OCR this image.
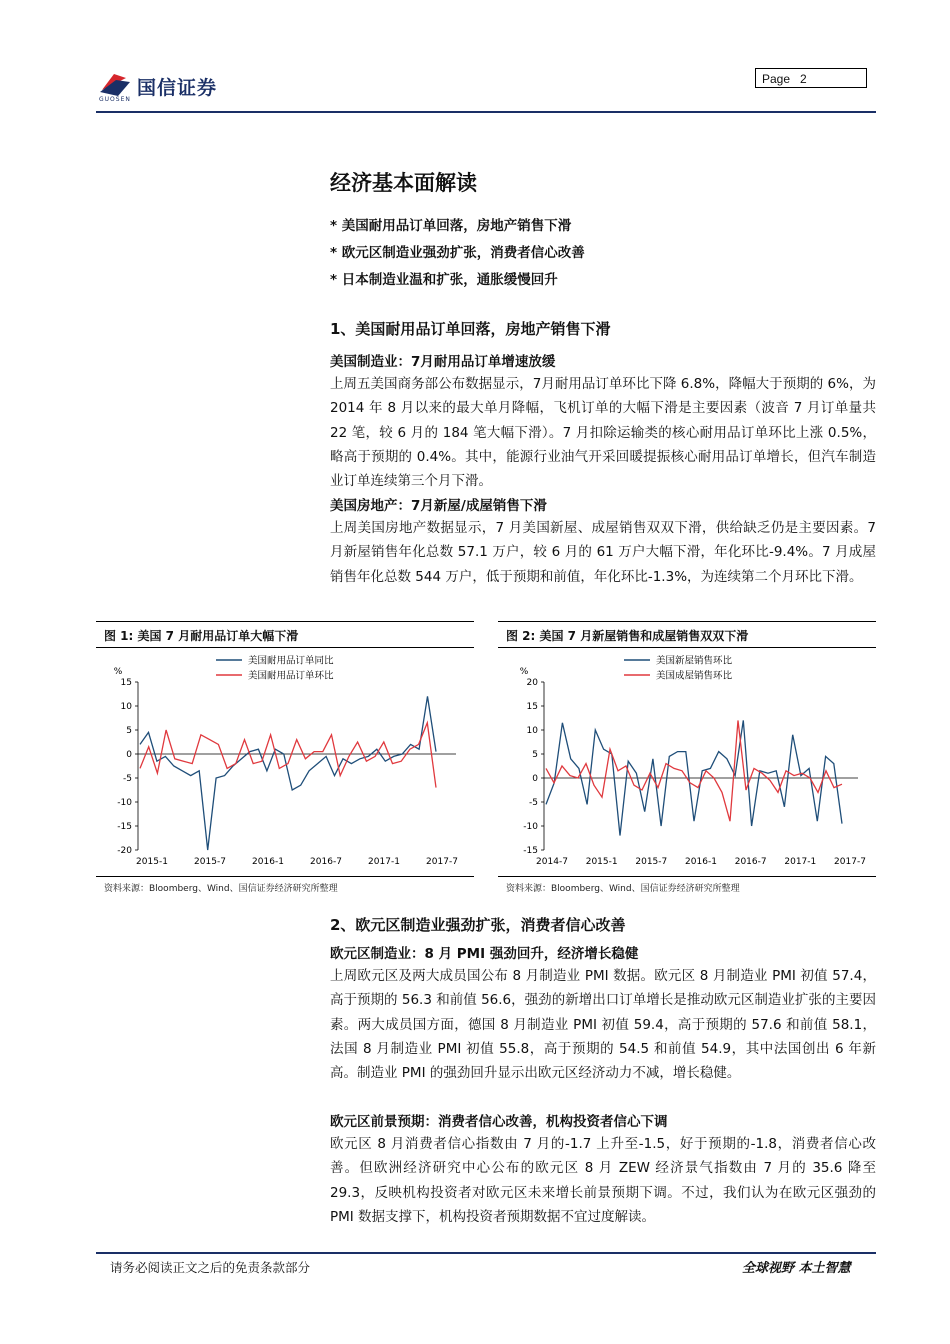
国信证券
GUOSEN
Page 2
经济基本面解读
* 美国耐用品订单回落，房地产销售下滑
* 欧元区制造业强劲扩张，消费者信心改善
* 日本制造业温和扩张，通胀缓慢回升
1、美国耐用品订单回落，房地产销售下滑
美国制造业：7月耐用品订单增速放缓
上周五美国商务部公布数据显示，7月耐用品订单环比下降 6.8%，降幅大于预期的 6%，为 2014 年 8 月以来的最大单月降幅，飞机订单的大幅下滑是主要因素（波音 7 月订单量共 22 笔，较 6 月的 184 笔大幅下滑）。7 月扣除运输类的核心耐用品订单环比上涨 0.5%，略高于预期的 0.4%。其中，能源行业油气开采回暖提振核心耐用品订单增长，但汽车制造业订单连续第三个月下滑。
美国房地产：7月新屋/成屋销售下滑
上周美国房地产数据显示，7 月美国新屋、成屋销售双双下滑，供给缺乏仍是主要因素。7 月新屋销售年化总数 57.1 万户，较 6 月的 61 万户大幅下滑，年化环比-9.4%。7 月成屋销售年化总数 544 万户，低于预期和前值，年化环比-1.3%，为连续第二个月环比下滑。
图 1: 美国 7 月耐用品订单大幅下滑
资料来源：Bloomberg、Wind、国信证券经济研究所整理
图 2: 美国 7 月新屋销售和成屋销售双双下滑
资料来源：Bloomberg、Wind、国信证券经济研究所整理
15
10
5
0
-5
-10
-15
-20
%
2015-1	2015-7	2016-1	2016-7	2017-1	2017-7
美国耐用品订单同比
美国耐用品订单环比
20
15
10
5
0
-5
-10
-15
%
2014-7 2015-1 2015-7 2016-1 2016-7 2017-1 2017-7
美国新屋销售环比
美国成屋销售环比
2、欧元区制造业强劲扩张，消费者信心改善
欧元区制造业：8 月 PMI 强劲回升，经济增长稳健
上周欧元区及两大成员国公布 8 月制造业 PMI 数据。欧元区 8 月制造业 PMI 初值 57.4，高于预期的 56.3 和前值 56.6，强劲的新增出口订单增长是推动欧元区制造业扩张的主要因素。两大成员国方面，德国 8 月制造业 PMI 初值 59.4，高于预期的 57.6 和前值 58.1，法国 8 月制造业 PMI 初值 55.8，高于预期的 54.5 和前值 54.9，其中法国创出 6 年新高。制造业 PMI 的强劲回升显示出欧元区经济动力不减，增长稳健。
欧元区前景预期：消费者信心改善，机构投资者信心下调
欧元区 8 月消费者信心指数由 7 月的-1.7 上升至-1.5，好于预期的-1.8，消费者信心改善。但欧洲经济研究中心公布的欧元区 8 月 ZEW 经济景气指数由 7 月的 35.6 降至 29.3，反映机构投资者对欧元区未来增长前景预期下调。不过，我们认为在欧元区强劲的 PMI 数据支撑下，机构投资者预期数据不宜过度解读。
请务必阅读正文之后的免责条款部分	全球视野 本土智慧
